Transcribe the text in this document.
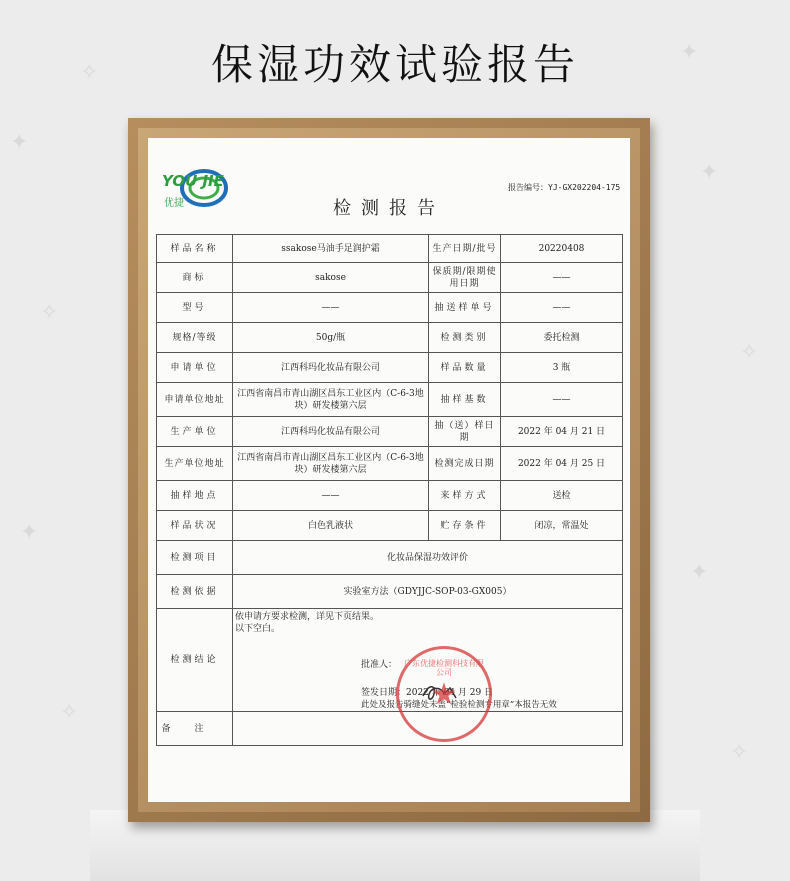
✦
✧
✦
✧
✦
✧
✦
✧
✧
✦
保湿功效试验报告
YOU JIE
优捷
报告编号：YJ-GX202204-175
检测报告
样品名称	ssakose马油手足润护霜	生产日期/批号	20220408
商标	sakose	保质期/限期使用日期	——
型号	——	抽送样单号	——
规格/等级	50g/瓶	检测类别	委托检测
申请单位	江西科玛化妆品有限公司	样品数量	3 瓶
申请单位地址	江西省南昌市青山湖区昌东工业区内（C-6-3地块）研发楼第六层	抽样基数	——
生产单位	江西科玛化妆品有限公司	抽（送）样日期	2022 年 04 月 21 日
生产单位地址	江西省南昌市青山湖区昌东工业区内（C-6-3地块）研发楼第六层	检测完成日期	2022 年 04 月 25 日
抽样地点	——	来样方式	送检
样品状况	白色乳液状	贮存条件	闭凉，常温处
检测项目	化妆品保湿功效评价		
检测依据	实验室方法（GDYJJC-SOP-03-GX005）		
检测结论	依申请方要求检测，详见下页结果。
以下空白。
批准人：
签发日期：2022 年 04 月 29 日
此处及报告骑缝处未盖“检验检测专用章”本报告无效		

备注			
广东优捷检测科技有限公司
★
